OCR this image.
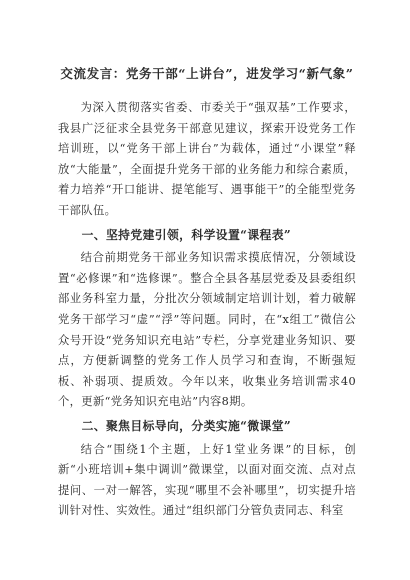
交流发言：党务干部“上讲台”，进发学习“新气象”

为深入贯彻落实省委、市委关于“强双基”工作要求，我县广泛征求全县党务干部意见建议，探索开设党务工作培训班，以“党务干部上讲台”为载体，通过“小课堂”释放“大能量”，全面提升党务干部的业务能力和综合素质，着力培养“开口能讲、提笔能写、遇事能干”的全能型党务干部队伍。

一、坚持党建引领，科学设置“课程表”

结合前期党务干部业务知识需求摸底情况，分领域设置“必修课”和“选修课”。整合全县各基层党委及县委组织部业务科室力量，分批次分领域制定培训计划，着力破解党务干部学习“虚”“浮”等问题。同时，在“x组工”微信公众号开设“党务知识充电站”专栏，分享党建业务知识、要点，方便新调整的党务工作人员学习和查询，不断强短板、补弱项、提质效。今年以来，收集业务培训需求40个，更新“党务知识充电站”内容8期。

二、聚焦目标导向，分类实施“微课堂”

结合“围绕1个主题，上好1堂业务课”的目标，创新“小班培训+集中调训”微课堂，以面对面交流、点对点提问、一对一解答，实现“哪里不会补哪里”，切实提升培训针对性、实效性。通过“组织部门分管负责同志、科室
